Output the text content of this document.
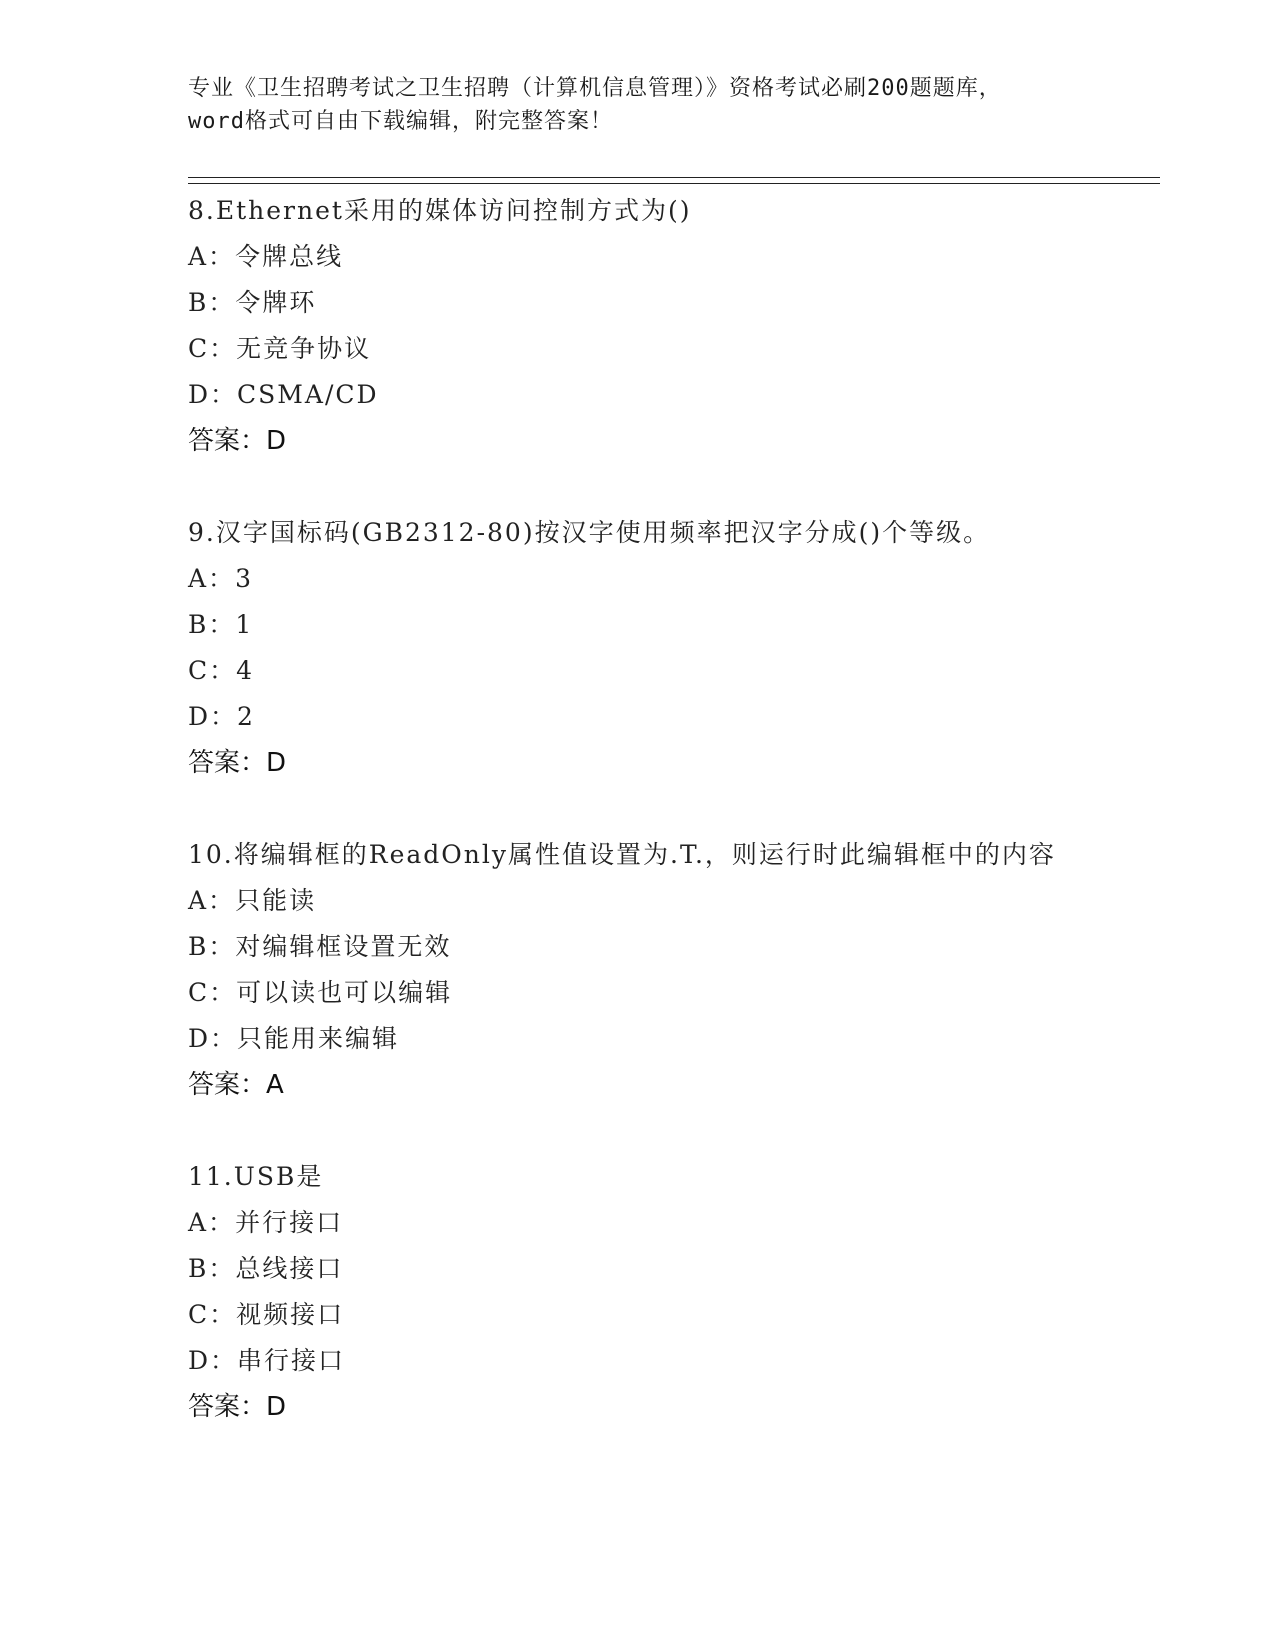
专业《卫生招聘考试之卫生招聘（计算机信息管理）》资格考试必刷200题题库，
word格式可自由下载编辑，附完整答案！

8.Ethernet采用的媒体访问控制方式为()

A：令牌总线
B：令牌环
C：无竞争协议
D：CSMA/CD
答案：D

9.汉字国标码(GB2312-80)按汉字使用频率把汉字分成()个等级。

A：3
B：1
C：4
D：2
答案：D

10.将编辑框的ReadOnly属性值设置为.T.，则运行时此编辑框中的内容

A：只能读
B：对编辑框设置无效
C：可以读也可以编辑
D：只能用来编辑
答案：A

11.USB是

A：并行接口
B：总线接口
C：视频接口
D：串行接口
答案：D
